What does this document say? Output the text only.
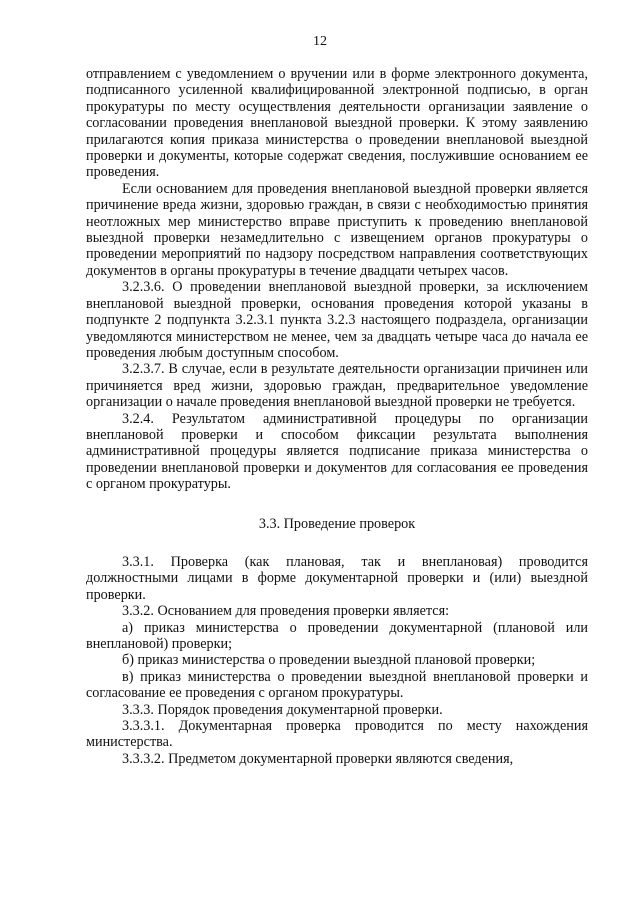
12

отправлением с уведомлением о вручении или в форме электронного документа, подписанного усиленной квалифицированной электронной подписью, в орган прокуратуры по месту осуществления деятельности организации заявление о согласовании проведения внеплановой выездной проверки. К этому заявлению прилагаются копия приказа министерства о проведении внеплановой выездной проверки и документы, которые содержат сведения, послужившие основанием ее проведения.

Если основанием для проведения внеплановой выездной проверки является причинение вреда жизни, здоровью граждан, в связи с необходимостью принятия неотложных мер министерство вправе приступить к проведению внеплановой выездной проверки незамедлительно с извещением органов прокуратуры о проведении мероприятий по надзору посредством направления соответствующих документов в органы прокуратуры в течение двадцати четырех часов.

3.2.3.6. О проведении внеплановой выездной проверки, за исключением внеплановой выездной проверки, основания проведения которой указаны в подпункте 2 подпункта 3.2.3.1 пункта 3.2.3 настоящего подраздела, организации уведомляются министерством не менее, чем за двадцать четыре часа до начала ее проведения любым доступным способом.

3.2.3.7. В случае, если в результате деятельности организации причинен или причиняется вред жизни, здоровью граждан, предварительное уведомление организации о начале проведения внеплановой выездной проверки не требуется.

3.2.4. Результатом административной процедуры по организации внеплановой проверки и способом фиксации результата выполнения административной процедуры является подписание приказа министерства о проведении внеплановой проверки и документов для согласования ее проведения с органом прокуратуры.

3.3. Проведение проверок

3.3.1. Проверка (как плановая, так и внеплановая) проводится должностными лицами в форме документарной проверки и (или) выездной проверки.

3.3.2. Основанием для проведения проверки является:

а) приказ министерства о проведении документарной (плановой или внеплановой) проверки;

б) приказ министерства о проведении выездной плановой проверки;

в) приказ министерства о проведении выездной внеплановой проверки и согласование ее проведения с органом прокуратуры.

3.3.3. Порядок проведения документарной проверки.

3.3.3.1. Документарная проверка проводится по месту нахождения министерства.

3.3.3.2. Предметом документарной проверки являются сведения,
